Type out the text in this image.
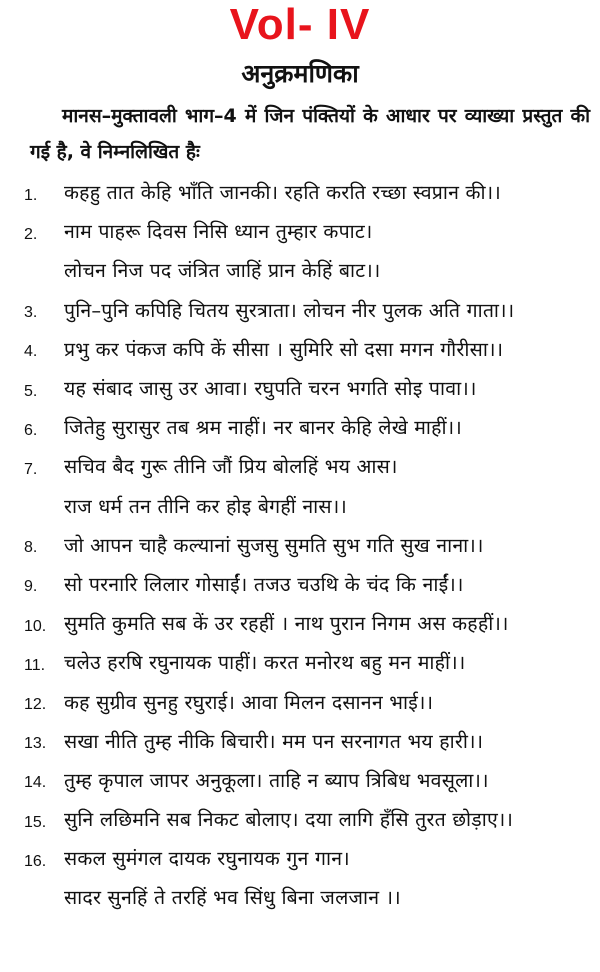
Vol- IV
अनुक्रमणिका
मानस–मुक्तावली भाग–4 में जिन पंक्तियों के आधार पर व्याख्या प्रस्तुत की गई है, वे निम्नलिखित हैः
1.	कहहु तात केहि भाँति जानकी। रहति करति रच्छा स्वप्रान की।।
2.	नाम पाहरू दिवस निसि ध्यान तुम्हार कपाट।
लोचन निज पद जंत्रित जाहिं प्रान केहिं बाट।।
3.	पुनि–पुनि कपिहि चितय सुरत्राता। लोचन नीर पुलक अति गाता।।
4.	प्रभु कर पंकज कपि कें सीसा । सुमिरि सो दसा मगन गौरीसा।।
5.	यह संबाद जासु उर आवा। रघुपति चरन भगति सोइ पावा।।
6.	जितेहु सुरासुर तब श्रम नाहीं। नर बानर केहि लेखे माहीं।।
7.	सचिव बैद गुरू तीनि जौं प्रिय बोलहिं भय आस।
राज धर्म तन तीनि कर होइ बेगहीं नास।।
8.	जो आपन चाहै कल्यानां सुजसु सुमति सुभ गति सुख नाना।।
9.	सो परनारि लिलार गोसाईं। तजउ चउथि के चंद कि नाईं।।
10. सुमति कुमति सब कें उर रहहीं । नाथ पुरान निगम अस कहहीं।।
11. चलेउ हरषि रघुनायक पाहीं। करत मनोरथ बहु मन माहीं।।
12. कह सुग्रीव सुनहु रघुराई। आवा मिलन दसानन भाई।।
13. सखा नीति तुम्ह नीकि बिचारी। मम पन सरनागत भय हारी।।
14. तुम्ह कृपाल जापर अनुकूला। ताहि न ब्याप त्रिबिध भवसूला।।
15. सुनि लछिमनि सब निकट बोलाए। दया लागि हँसि तुरत छोड़ाए।।
16. सकल सुमंगल दायक रघुनायक गुन गान।
सादर सुनहिं ते तरहिं भव सिंधु बिना जलजान ।।
